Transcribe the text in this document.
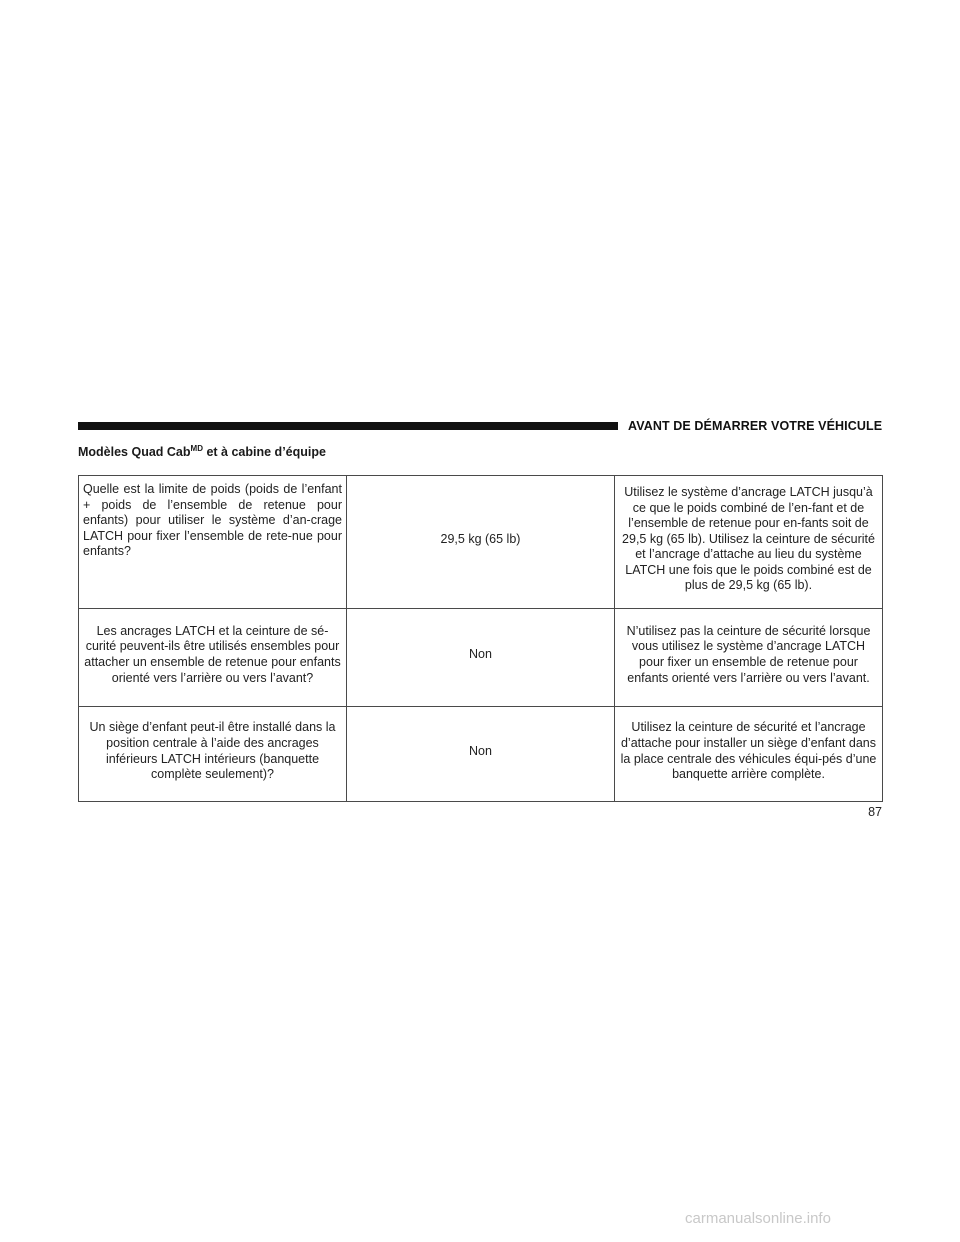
AVANT DE DÉMARRER VOTRE VÉHICULE
Modèles Quad Cab$^{MD}$ et à cabine d’équipe
Quelle est la limite de poids (poids de l’enfant + poids de l’ensemble de retenue pour enfants) pour utiliser le système d’an-crage LATCH pour fixer l’ensemble de rete-nue pour enfants?	29,5 kg (65 lb)	Utilisez le système d’ancrage LATCH jusqu’à ce que le poids combiné de l’en-fant et de l’ensemble de retenue pour en-fants soit de 29,5 kg (65 lb). Utilisez la ceinture de sécurité et l’ancrage d’attache au lieu du système LATCH une fois que le poids combiné est de plus de 29,5 kg (65 lb).
Les ancrages LATCH et la ceinture de sé-curité peuvent-ils être utilisés ensembles pour attacher un ensemble de retenue pour enfants orienté vers l’arrière ou vers l’avant?	Non	N’utilisez pas la ceinture de sécurité lorsque vous utilisez le système d’ancrage LATCH pour fixer un ensemble de retenue pour enfants orienté vers l’arrière ou vers l’avant.
Un siège d’enfant peut-il être installé dans la position centrale à l’aide des ancrages inférieurs LATCH intérieurs (banquette complète seulement)?	Non	Utilisez la ceinture de sécurité et l’ancrage d’attache pour installer un siège d’enfant dans la place centrale des véhicules équi-pés d’une banquette arrière complète.
87
carmanualsonline.info
